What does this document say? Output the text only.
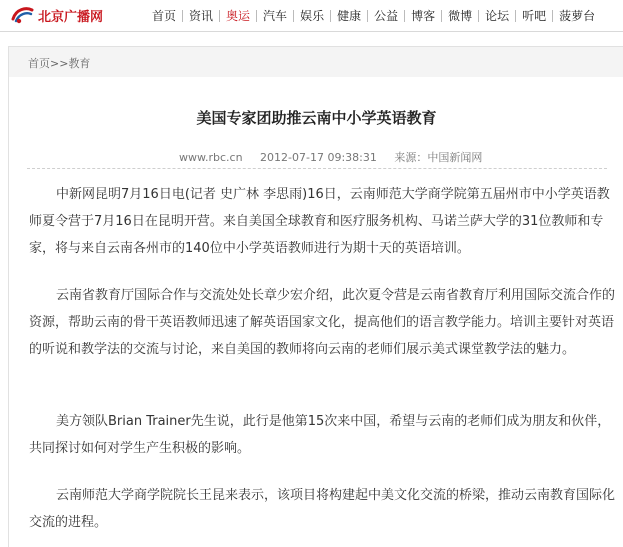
北京广播网	首页	资讯	奥运	汽车	娱乐	健康	公益	博客	微博	论坛	听吧	菠萝台
首页>>教育
美国专家团助推云南中小学英语教育
www.rbc.cn 2012-07-17 09:38:31 来源：中国新闻网

中新网昆明7月16日电(记者 史广林 李思雨)16日，云南师范大学商学院第五届州市中小学英语教师夏令营于7月16日在昆明开营。来自美国全球教育和医疗服务机构、马诺兰萨大学的31位教师和专家，将与来自云南各州市的140位中小学英语教师进行为期十天的英语培训。

云南省教育厅国际合作与交流处处长章少宏介绍，此次夏令营是云南省教育厅利用国际交流合作的资源，帮助云南的骨干英语教师迅速了解英语国家文化，提高他们的语言教学能力。培训主要针对英语的听说和教学法的交流与讨论，来自美国的教师将向云南的老师们展示美式课堂教学法的魅力。

美方领队Brian Trainer先生说，此行是他第15次来中国，希望与云南的老师们成为朋友和伙伴，共同探讨如何对学生产生积极的影响。

云南师范大学商学院院长王昆来表示，该项目将构建起中美文化交流的桥梁，推动云南教育国际化交流的进程。
